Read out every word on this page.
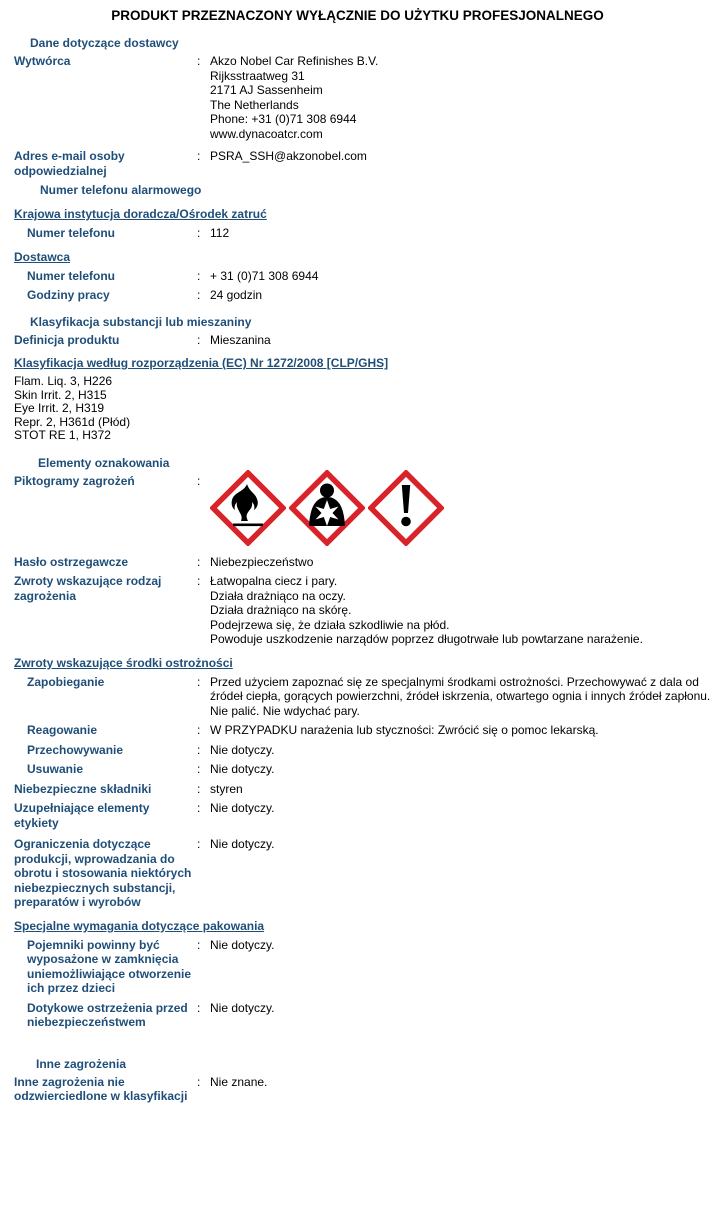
PRODUKT PRZEZNACZONY WYŁĄCZNIE DO UŻYTKU PROFESJONALNEGO
Dane dotyczące dostawcy
Wytwórca	: Akzo Nobel Car Refinishes B.V.
Rijksstraatweg 31
2171 AJ Sassenheim
The Netherlands
Phone: +31 (0)71 308 6944
www.dynacoatcr.com
Adres e-mail osoby odpowiedzialnej
: PSRA_SSH@akzonobel.com
Numer telefonu alarmowego
Krajowa instytucja doradcza/Ośrodek zatruć
Numer telefonu	: 112
Dostawca
Numer telefonu	: + 31 (0)71 308 6944
Godziny pracy	: 24 godzin
Klasyfikacja substancji lub mieszaniny
Definicja produktu	: Mieszanina
Klasyfikacja według rozporządzenia (EC) Nr 1272/2008 [CLP/GHS]
Flam. Liq. 3, H226
Skin Irrit. 2, H315
Eye Irrit. 2, H319
Repr. 2, H361d (Płód)
STOT RE 1, H372
Elementy oznakowania
Piktogramy zagrożeń	:
Hasło ostrzegawcze	: Niebezpieczeństwo
Zwroty wskazujące rodzaj zagrożenia
: Łatwopalna ciecz i pary.
Działa drażniąco na oczy.
Działa drażniąco na skórę.
Podejrzewa się, że działa szkodliwie na płód.
Powoduje uszkodzenie narządów poprzez długotrwałe lub powtarzane narażenie.
Zwroty wskazujące środki ostrożności
Zapobieganie	: Przed użyciem zapoznać się ze specjalnymi środkami ostrożności. Przechowywać z dala od źródeł ciepła, gorących powierzchni, źródeł iskrzenia, otwartego ognia i innych źródeł zapłonu. Nie palić. Nie wdychać pary.
Reagowanie	: W PRZYPADKU narażenia lub styczności: Zwrócić się o pomoc lekarską.
Przechowywanie	: Nie dotyczy.
Usuwanie	: Nie dotyczy.
Niebezpieczne składniki	: styren
Uzupełniające elementy etykiety
: Nie dotyczy.
Ograniczenia dotyczące produkcji, wprowadzania do obrotu i stosowania niektórych niebezpiecznych substancji, preparatów i wyrobów
: Nie dotyczy.
Specjalne wymagania dotyczące pakowania
Pojemniki powinny być wyposażone w zamknięcia uniemożliwiające otworzenie ich przez dzieci
: Nie dotyczy.
Dotykowe ostrzeżenia przed niebezpieczeństwem
: Nie dotyczy.
Inne zagrożenia
Inne zagrożenia nie odzwierciedlone w klasyfikacji
: Nie znane.
